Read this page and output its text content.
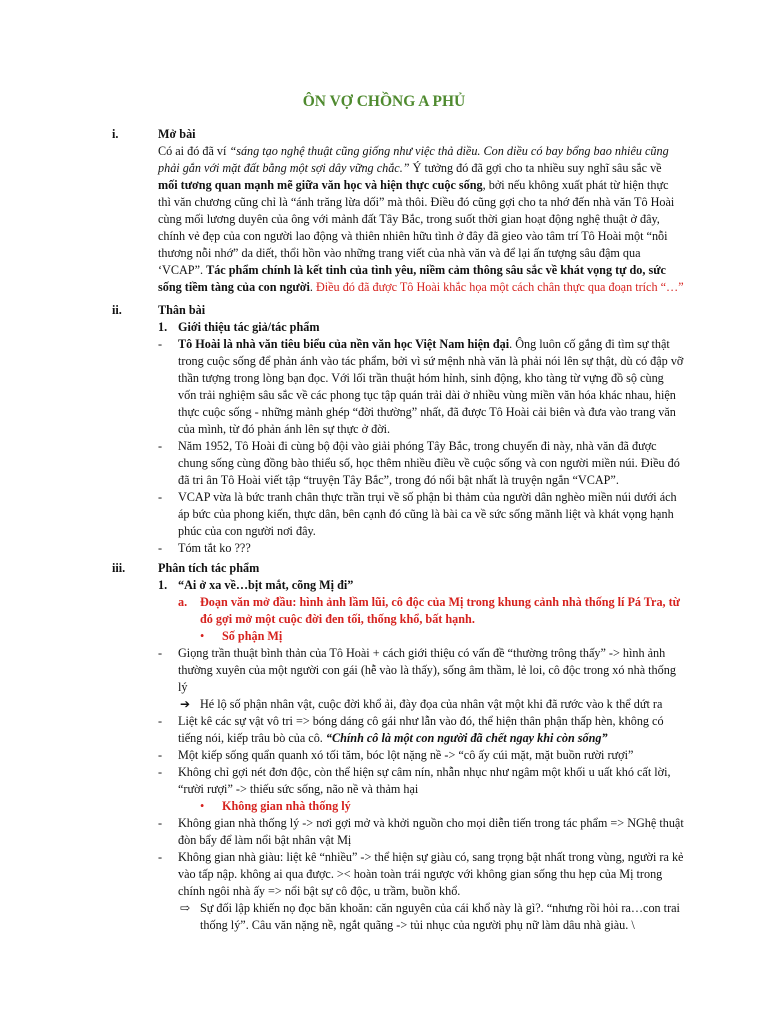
ÔN VỢ CHỒNG A PHỦ
i.	Mở bài
Có ai đó đã ví “sáng tạo nghệ thuật cũng giống như việc thả diều. Con diều có bay bổng bao nhiêu cũng phải gắn với mặt đất bằng một sợi dây vững chắc.” Ý tưởng đó đã gợi cho ta nhiều suy nghĩ sâu sắc về mối tương quan mạnh mẽ giữa văn học và hiện thực cuộc sống, bởi nếu không xuất phát từ hiện thực thì văn chương cũng chỉ là “ánh trăng lừa dối” mà thôi. Điều đó cũng gợi cho ta nhớ đến nhà văn Tô Hoài cùng mối lương duyên của ông với mảnh đất Tây Bắc, trong suốt thời gian hoạt động nghệ thuật ở đây, chính vẻ đẹp của con người lao động và thiên nhiên hữu tình ở đây đã gieo vào tâm trí Tô Hoài một “nỗi thương nỗi nhớ” da diết, thổi hồn vào những trang viết của nhà văn và để lại ấn tượng sâu đậm qua ‘VCAP”. Tác phẩm chính là kết tinh của tình yêu, niềm cảm thông sâu sắc về khát vọng tự do, sức sống tiềm tàng của con người. Điều đó đã được Tô Hoài khắc họa một cách chân thực qua đoạn trích “…”
ii.	Thân bài
1. Giới thiệu tác giả/tác phẩm
-	Tô Hoài là nhà văn tiêu biểu của nền văn học Việt Nam hiện đại. Ông luôn cố gắng đi tìm sự thật trong cuộc sống để phản ánh vào tác phẩm, bởi vì sứ mệnh nhà văn là phải nói lên sự thật, dù có đập vỡ thần tượng trong lòng bạn đọc. Với lối trần thuật hóm hỉnh, sinh động, kho tàng từ vựng đồ sộ cùng vốn trải nghiệm sâu sắc về các phong tục tập quán trải dài ở nhiều vùng miền văn hóa khác nhau, hiện thực cuộc sống - những mảnh ghép “đời thường” nhất, đã được Tô Hoài cải biên và đưa vào trang văn của mình, từ đó phản ánh lên sự thực ở đời.
-	Năm 1952, Tô Hoài đi cùng bộ đội vào giải phóng Tây Bắc, trong chuyến đi này, nhà văn đã được chung sống cùng đồng bào thiểu số, học thêm nhiều điều về cuộc sống và con người miền núi. Điều đó đã tri ân Tô Hoài viết tập “truyện Tây Bắc”, trong đó nổi bật nhất là truyện ngắn “VCAP”.
-	VCAP vừa là bức tranh chân thực trần trụi về số phận bi thảm của người dân nghèo miền núi dưới ách áp bức của phong kiến, thực dân, bên cạnh đó cũng là bài ca về sức sống mãnh liệt và khát vọng hạnh phúc của con người nơi đây.
-	Tóm tắt ko ???
iii.	Phân tích tác phẩm
1. “Ai ở xa về…bịt mắt, cõng Mị đi”
a.	Đoạn văn mở đầu: hình ảnh lầm lũi, cô độc của Mị trong khung cảnh nhà thống lí Pá Tra, từ đó gợi mở một cuộc đời đen tối, thống khổ, bất hạnh.
•	Số phận Mị
-	Giọng trần thuật bình thản của Tô Hoài + cách giới thiệu có vấn đề “thường trông thấy” -> hình ảnh thường xuyên của một người con gái (hễ vào là thấy), sống âm thầm, lẻ loi, cô độc trong xó nhà thống lý
➔ Hé lộ số phận nhân vật, cuộc đời khổ ải, đày đọa của nhân vật một khi đã rước vào k thể dứt ra
-	Liệt kê các sự vật vô tri => bóng dáng cô gái như lẫn vào đó, thể hiện thân phận thấp hèn, không có tiếng nói, kiếp trâu bò của cô. “Chính cô là một con người đã chết ngay khi còn sống”
-	Một kiếp sống quẩn quanh xó tối tăm, bóc lột nặng nề -> “cô ấy cúi mặt, mặt buồn rười rượi”
-	Không chỉ gợi nét đơn độc, còn thể hiện sự câm nín, nhẫn nhục như ngâm một khối u uất khó cất lời, “rười rượi” -> thiếu sức sống, não nề và thảm hại
•	Không gian nhà thống lý
-	Không gian nhà thống lý -> nơi gợi mở và khởi nguồn cho mọi diễn tiến trong tác phẩm => NGhệ thuật đòn bẩy để làm nổi bật nhân vật Mị
-	Không gian nhà giàu: liệt kê “nhiều” -> thể hiện sự giàu có, sang trọng bật nhất trong vùng, người ra kẻ vào tấp nập. không ai qua được. >< hoàn toàn trái ngược với không gian sống thu hẹp của Mị trong chính ngôi nhà ấy => nổi bật sự cô độc, u trầm, buồn khổ.
⇨ Sự đối lập khiến nọ đọc băn khoăn: căn nguyên của cái khổ này là gì?. “nhưng rồi hỏi ra…con trai thống lý”. Câu văn nặng nề, ngắt quãng -> tủi nhục của người phụ nữ làm dâu nhà giàu. \
